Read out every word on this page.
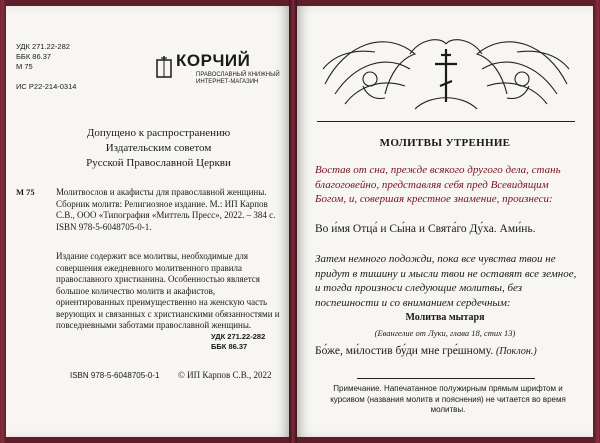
УДК 271.22-282
ББК 86.37
М 75
ИС Р22-214-0314
КОРЧИЙ
ПРАВОСЛАВНЫЙ КНИЖНЫЙ ИНТЕРНЕТ-МАГАЗИН
Допущено к распространению
Издательским советом
Русской Православной Церкви
М 75 Молитвослов и акафисты для православной женщины. Сборник молитв: Религиозное издание. М.: ИП Карпов С.В., ООО «Типография «Миттель Пресс», 2022. – 384 с.

ISBN 978-5-6048705-0-1.

Издание содержит все молитвы, необходимые для совершения ежедневного молитвенного правила православного христианина. Особенностью является большое количество молитв и акафистов, ориентированных преимущественно на женскую часть верующих и связанных с христианскими обязанностями и повседневными заботами православной женщины.
УДК 271.22-282
ББК 86.37
ISBN 978-5-6048705-0-1 © ИП Карпов С.В., 2022
МОЛИТВЫ УТРЕННИЕ
Востав от сна, прежде всякого другого дела, стань благоговейно, представляя себя пред Всевидящим Богом, и, совершая крестное знамение, произнеси:
Во и́мя Отца́ и Сы́на и Свята́го Ду́ха. Ами́нь.
Затем немного подожди, пока все чувства твои не придут в тишину и мысли твои не оставят все земное, и тогда произноси следующие молитвы, без поспешности и со вниманием сердечным:
Молитва мытаря
(Евангелие от Луки, глава 18, стих 13)
Бо́же, ми́лостив бу́ди мне гре́шному. (Поклон.)
Примечание. Напечатанное полужирным прямым шрифтом и курсивом (названия молитв и пояснения) не читается во время молитвы.
